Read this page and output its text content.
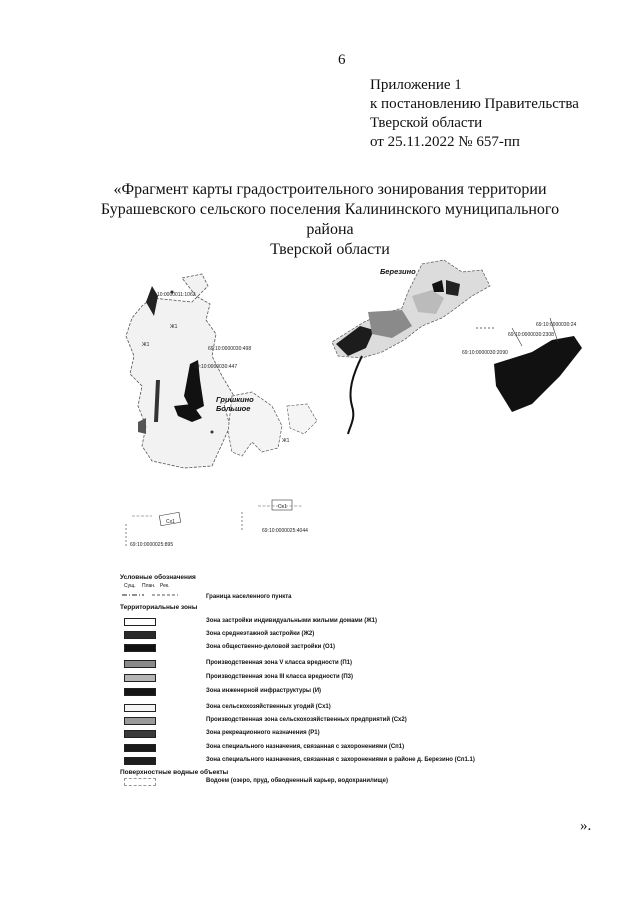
6
Приложение 1
к постановлению Правительства
Тверской области
от 25.11.2022 № 657-пп
«Фрагмент карты градостроительного зонирования территории
Бурашевского сельского поселения Калининского муниципального района
Тверской области
69:10:0000011:1062
69:10:0000030:498
69:10:0000030:447
Ж1
Ж1
Ж1
Гришкино
Большое
Березино
69:10:0000030:24
69:10:0000030:2308
69:10:0000030:2090
Сх1
Сх1
69:10:0000025:895
69:10:0000025:4044
Условные обозначения
Сущ. План. Рек.
Граница населенного пункта
Территориальные зоны
Зона застройки индивидуальными жилыми домами (Ж1)
Зона среднеэтажной застройки (Ж2)
Зона общественно-деловой застройки (О1)
Производственная зона V класса вредности (П1)
Производственная зона III класса вредности (П3)
Зона инженерной инфраструктуры (И)
Зона сельскохозяйственных угодий (Сх1)
Производственная зона сельскохозяйственных предприятий (Сх2)
Зона рекреационного назначения (Р1)
Зона специального назначения, связанная с захоронениями (Сп1)
Зона специального назначения, связанная с захоронениями в районе д. Березино (Сп1.1)
Поверхностные водные объекты
Водоем (озеро, пруд, обводненный карьер, водохранилище)
».
